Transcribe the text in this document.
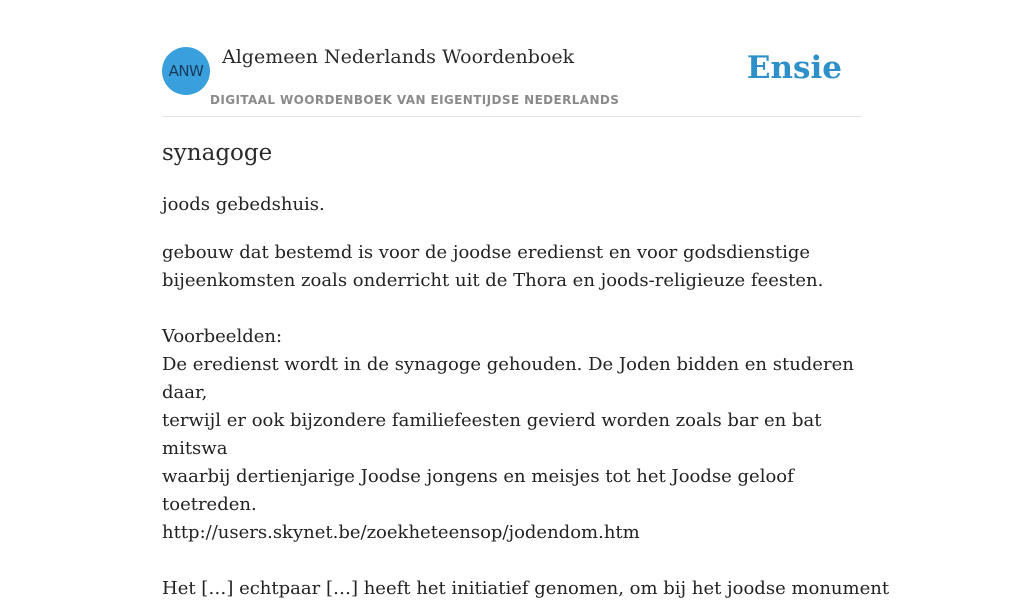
ANW
Algemeen Nederlands Woordenboek
DIGITAAL WOORDENBOEK VAN EIGENTIJDSE NEDERLANDS
Ensie
synagoge
joods gebedshuis.

gebouw dat bestemd is voor de joodse eredienst en voor godsdienstige

bijeenkomsten zoals onderricht uit de Thora en joods-religieuze feesten.

Voorbeelden:

De eredienst wordt in de synagoge gehouden. De Joden bidden en studeren daar,

terwijl er ook bijzondere familiefeesten gevierd worden zoals bar en bat mitswa

waarbij dertienjarige Joodse jongens en meisjes tot het Joodse geloof toetreden.

http://users.skynet.be/zoekheteensop/jodendom.htm

Het […] echtpaar […] heeft het initiatief genomen, om bij het joodse monument
